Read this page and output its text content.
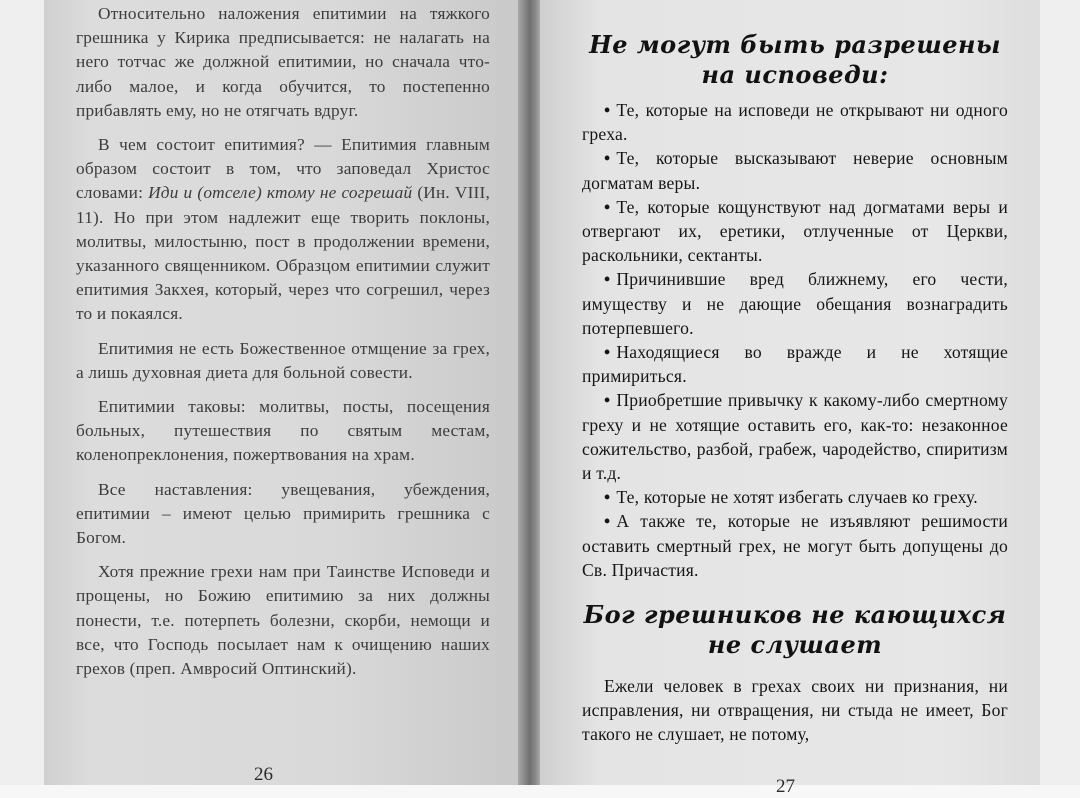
Относительно наложения епитимии на тяжкого грешника у Кирика предписывается: не налагать на него тотчас же должной епитимии, но сначала что-либо малое, и когда обучится, то постепенно прибавлять ему, но не отягчать вдруг.

В чем состоит епитимия? — Епитимия главным образом состоит в том, что заповедал Христос словами: Иди и (отселе) ктому не согрешай (Ин. VIII, 11). Но при этом надлежит еще творить поклоны, молитвы, милостыню, пост в продолжении времени, указанного священником. Образцом епитимии служит епитимия Закхея, который, через что согрешил, через то и покаялся.

Епитимия не есть Божественное отмщение за грех, а лишь духовная диета для больной совести.

Епитимии таковы: молитвы, посты, посещения больных, путешествия по святым местам, коленопреклонения, пожертвования на храм.

Все наставления: увещевания, убеждения, епитимии – имеют целью примирить грешника с Богом.

Хотя прежние грехи нам при Таинстве Исповеди и прощены, но Божию епитимию за них должны понести, т.е. потерпеть болезни, скорби, немощи и все, что Господь посылает нам к очищению наших грехов (преп. Амвросий Оптинский).

26
Не могут быть разрешены на исповеди:

• Те, которые на исповеди не открывают ни одного греха.

• Те, которые высказывают неверие основным догматам веры.

• Те, которые кощунствуют над догматами веры и отвергают их, еретики, отлученные от Церкви, раскольники, сектанты.

• Причинившие вред ближнему, его чести, имуществу и не дающие обещания вознаградить потерпевшего.

• Находящиеся во вражде и не хотящие примириться.

• Приобретшие привычку к какому-либо смертному греху и не хотящие оставить его, как-то: незаконное сожительство, разбой, грабеж, чародейство, спиритизм и т.д.

• Те, которые не хотят избегать случаев ко греху.

• А также те, которые не изъявляют решимости оставить смертный грех, не могут быть допущены до Св. Причастия.

Бог грешников не кающихся не слушает

Ежели человек в грехах своих ни признания, ни исправления, ни отвращения, ни стыда не имеет, Бог такого не слушает, не потому,

27
